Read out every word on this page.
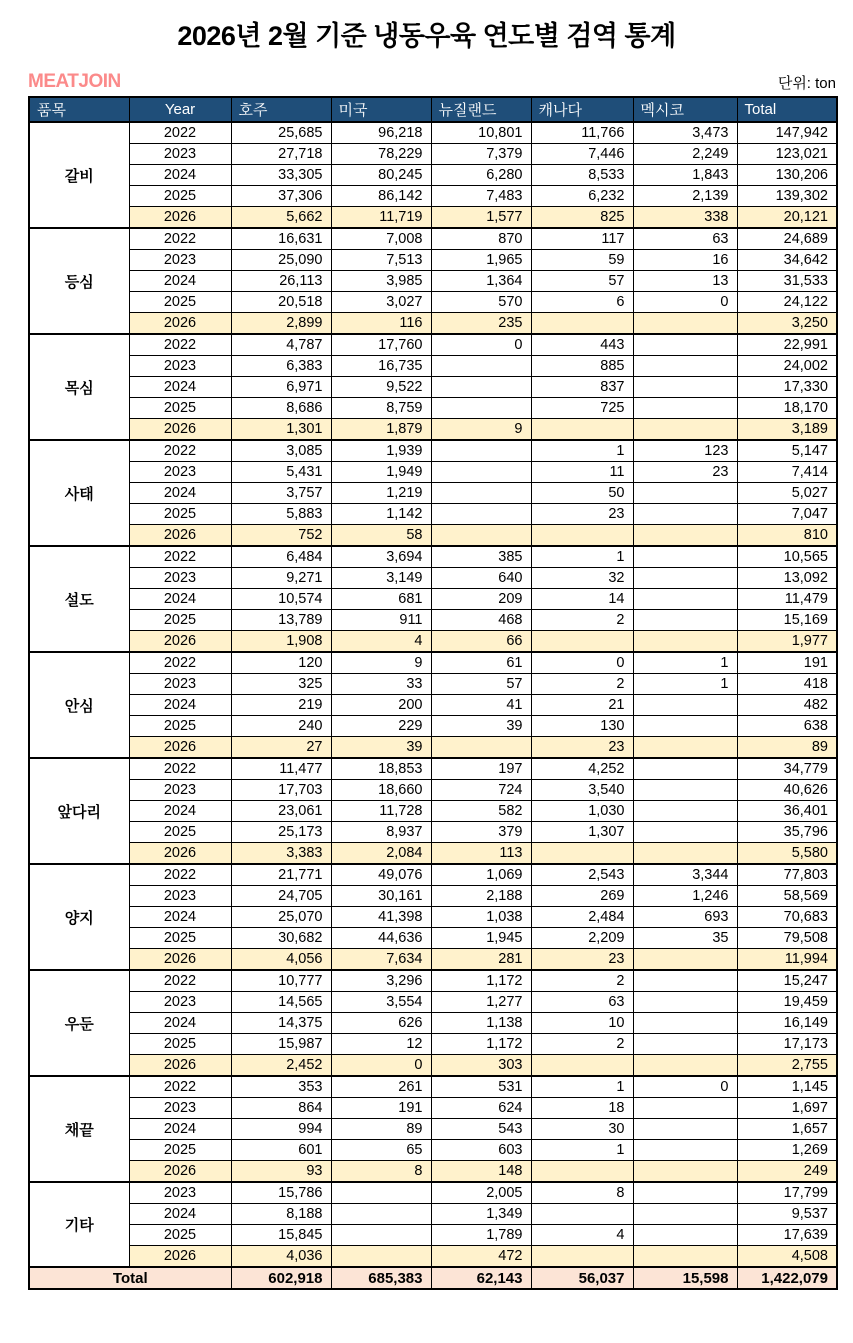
2026년 2월 기준 냉동우육 연도별 검역 통계
MEATJOIN	단위: ton
품목	Year	호주	미국	뉴질랜드	캐나다	멕시코	Total
갈비	2022	25,685	96,218	10,801	11,766	3,473	147,942
	2023	27,718	78,229	7,379	7,446	2,249	123,021
	2024	33,305	80,245	6,280	8,533	1,843	130,206
	2025	37,306	86,142	7,483	6,232	2,139	139,302
	2026	5,662	11,719	1,577	825	338	20,121
등심	2022	16,631	7,008	870	117	63	24,689
	2023	25,090	7,513	1,965	59	16	34,642
	2024	26,113	3,985	1,364	57	13	31,533
	2025	20,518	3,027	570	6	0	24,122
	2026	2,899	116	235			3,250
목심	2022	4,787	17,760	0	443		22,991
	2023	6,383	16,735		885		24,002
	2024	6,971	9,522		837		17,330
	2025	8,686	8,759		725		18,170
	2026	1,301	1,879	9			3,189
사태	2022	3,085	1,939		1	123	5,147
	2023	5,431	1,949		11	23	7,414
	2024	3,757	1,219		50		5,027
	2025	5,883	1,142		23		7,047
	2026	752	58				810
설도	2022	6,484	3,694	385	1		10,565
	2023	9,271	3,149	640	32		13,092
	2024	10,574	681	209	14		11,479
	2025	13,789	911	468	2		15,169
	2026	1,908	4	66			1,977
안심	2022	120	9	61	0	1	191
	2023	325	33	57	2	1	418
	2024	219	200	41	21		482
	2025	240	229	39	130		638
	2026	27	39		23		89
앞다리	2022	11,477	18,853	197	4,252		34,779
	2023	17,703	18,660	724	3,540		40,626
	2024	23,061	11,728	582	1,030		36,401
	2025	25,173	8,937	379	1,307		35,796
	2026	3,383	2,084	113			5,580
양지	2022	21,771	49,076	1,069	2,543	3,344	77,803
	2023	24,705	30,161	2,188	269	1,246	58,569
	2024	25,070	41,398	1,038	2,484	693	70,683
	2025	30,682	44,636	1,945	2,209	35	79,508
	2026	4,056	7,634	281	23		11,994
우둔	2022	10,777	3,296	1,172	2		15,247
	2023	14,565	3,554	1,277	63		19,459
	2024	14,375	626	1,138	10		16,149
	2025	15,987	12	1,172	2		17,173
	2026	2,452	0	303			2,755
채끝	2022	353	261	531	1	0	1,145
	2023	864	191	624	18		1,697
	2024	994	89	543	30		1,657
	2025	601	65	603	1		1,269
	2026	93	8	148			249
기타	2023	15,786		2,005	8		17,799
	2024	8,188		1,349			9,537
	2025	15,845		1,789	4		17,639
	2026	4,036		472			4,508
Total		602,918	685,383	62,143	56,037	15,598	1,422,079
